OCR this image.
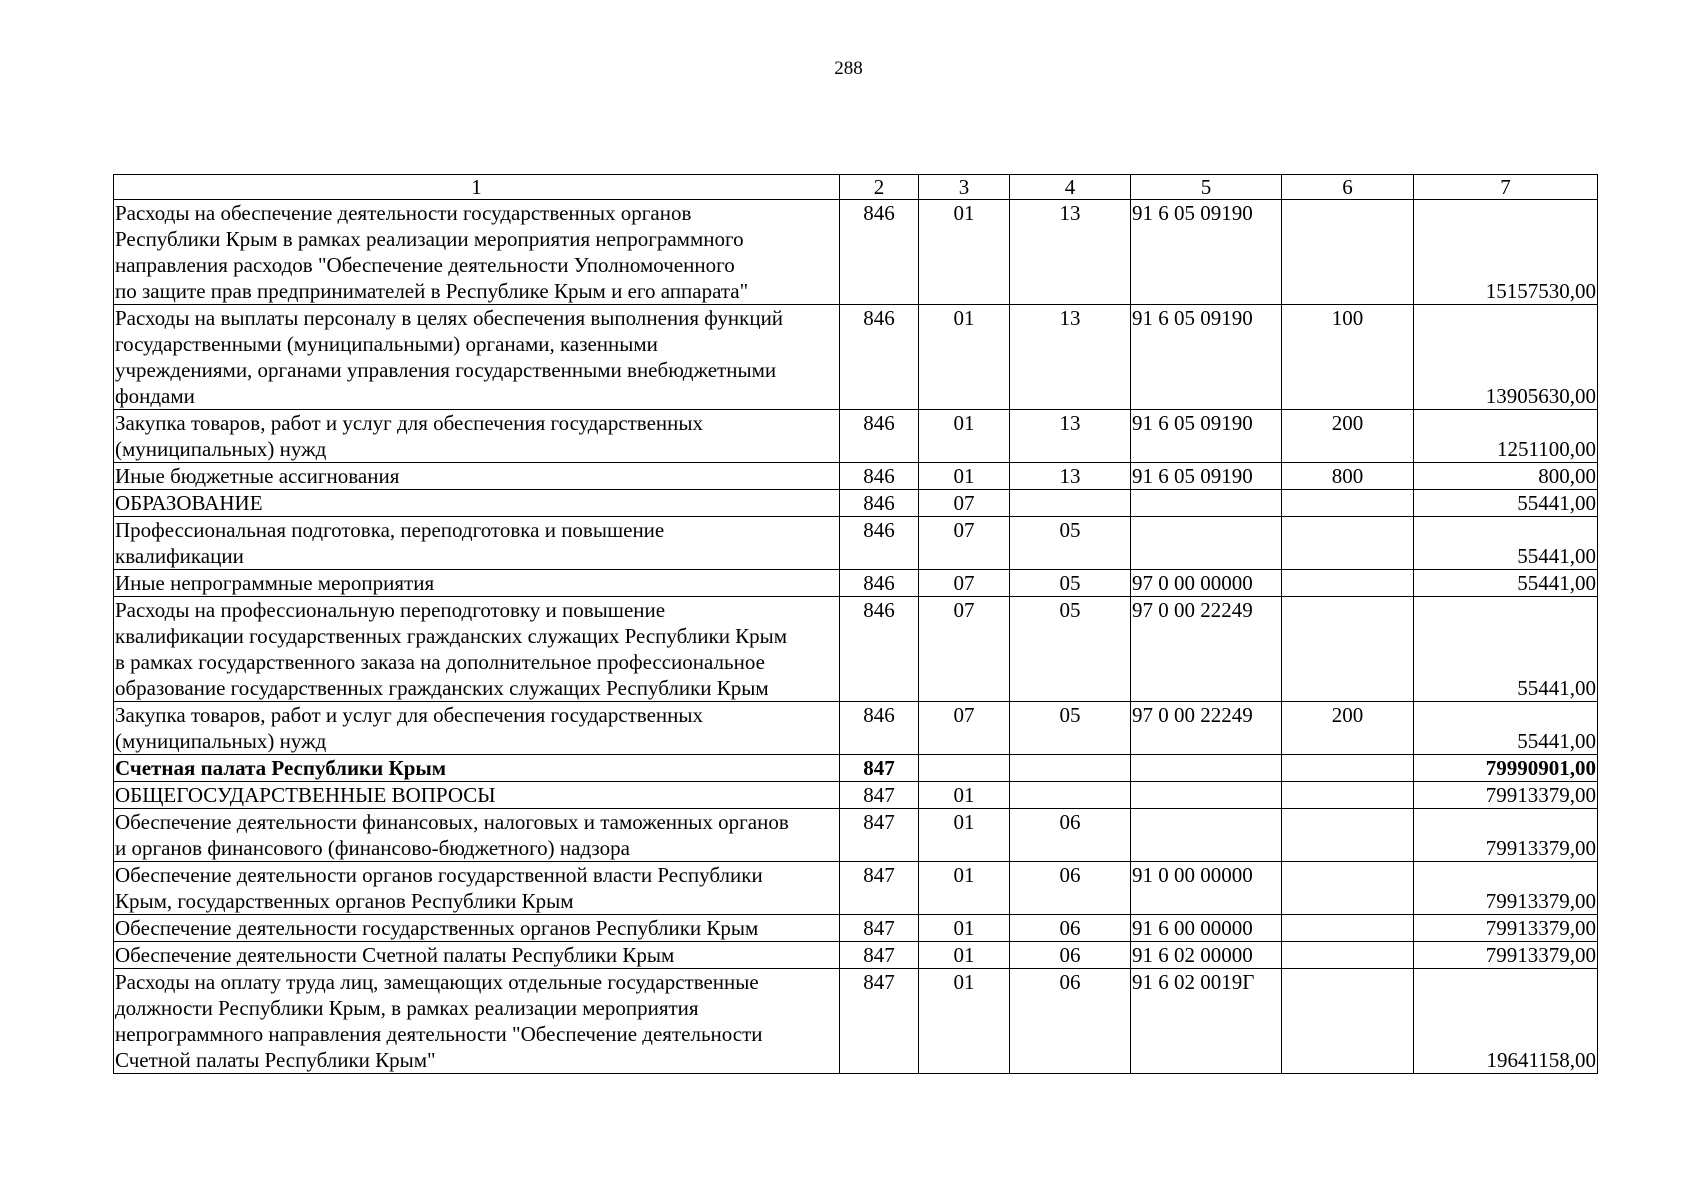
288
1	2	3	4	5	6	7
Расходы на обеспечение деятельности государственных органов
Республики Крым в рамках реализации мероприятия непрограммного
направления расходов "Обеспечение деятельности Уполномоченного
по защите прав предпринимателей в Республике Крым и его аппарата"	846	01	13	91 6 05 09190		15157530,00
Расходы на выплаты персоналу в целях обеспечения выполнения функций
государственными (муниципальными) органами, казенными
учреждениями, органами управления государственными внебюджетными
фондами	846	01	13	91 6 05 09190	100	13905630,00
Закупка товаров, работ и услуг для обеспечения государственных
(муниципальных) нужд	846	01	13	91 6 05 09190	200	1251100,00
Иные бюджетные ассигнования	846	01	13	91 6 05 09190	800	800,00
ОБРАЗОВАНИЕ	846	07				55441,00
Профессиональная подготовка, переподготовка и повышение
квалификации	846	07	05			55441,00
Иные непрограммные мероприятия	846	07	05	97 0 00 00000		55441,00
Расходы на профессиональную переподготовку и повышение
квалификации государственных гражданских служащих Республики Крым
в рамках государственного заказа на дополнительное профессиональное
образование государственных гражданских служащих Республики Крым	846	07	05	97 0 00 22249		55441,00
Закупка товаров, работ и услуг для обеспечения государственных
(муниципальных) нужд	846	07	05	97 0 00 22249	200	55441,00
Счетная палата Республики Крым	847					79990901,00
ОБЩЕГОСУДАРСТВЕННЫЕ ВОПРОСЫ	847	01				79913379,00
Обеспечение деятельности финансовых, налоговых и таможенных органов
и органов финансового (финансово-бюджетного) надзора	847	01	06			79913379,00
Обеспечение деятельности органов государственной власти Республики
Крым, государственных органов Республики Крым	847	01	06	91 0 00 00000		79913379,00
Обеспечение деятельности государственных органов Республики Крым	847	01	06	91 6 00 00000		79913379,00
Обеспечение деятельности Счетной палаты Республики Крым	847	01	06	91 6 02 00000		79913379,00
Расходы на оплату труда лиц, замещающих отдельные государственные
должности Республики Крым, в рамках реализации мероприятия
непрограммного направления деятельности "Обеспечение деятельности
Счетной палаты Республики Крым"	847	01	06	91 6 02 0019Г		19641158,00
